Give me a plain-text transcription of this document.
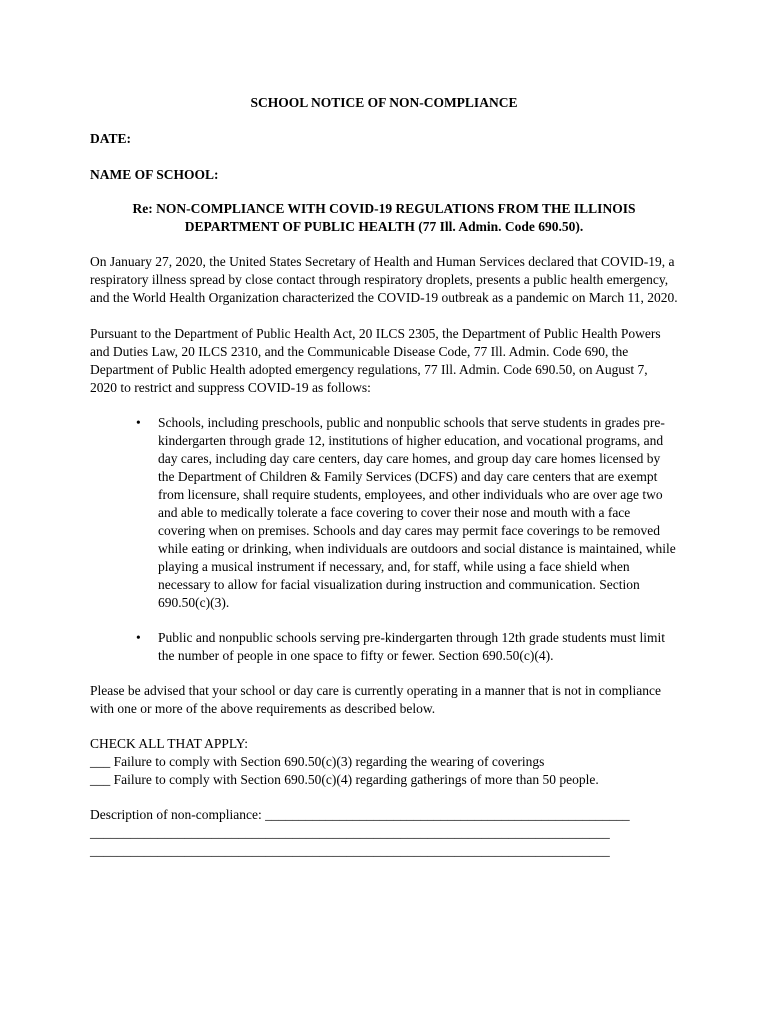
SCHOOL NOTICE OF NON-COMPLIANCE

DATE:

NAME OF SCHOOL:

Re: NON-COMPLIANCE WITH COVID-19 REGULATIONS FROM THE ILLINOIS
DEPARTMENT OF PUBLIC HEALTH (77 Ill. Admin. Code 690.50).

On January 27, 2020, the United States Secretary of Health and Human Services declared that COVID-19, a respiratory illness spread by close contact through respiratory droplets, presents a public health emergency, and the World Health Organization characterized the COVID-19 outbreak as a pandemic on March 11, 2020.

Pursuant to the Department of Public Health Act, 20 ILCS 2305, the Department of Public Health Powers and Duties Law, 20 ILCS 2310, and the Communicable Disease Code, 77 Ill. Admin. Code 690, the Department of Public Health adopted emergency regulations, 77 Ill. Admin. Code 690.50, on August 7, 2020 to restrict and suppress COVID-19 as follows:

• Schools, including preschools, public and nonpublic schools that serve students in grades pre-kindergarten through grade 12, institutions of higher education, and vocational programs, and day cares, including day care centers, day care homes, and group day care homes licensed by the Department of Children & Family Services (DCFS) and day care centers that are exempt from licensure, shall require students, employees, and other individuals who are over age two and able to medically tolerate a face covering to cover their nose and mouth with a face covering when on premises. Schools and day cares may permit face coverings to be removed while eating or drinking, when individuals are outdoors and social distance is maintained, while playing a musical instrument if necessary, and, for staff, while using a face shield when necessary to allow for facial visualization during instruction and communication. Section 690.50(c)(3).
• Public and nonpublic schools serving pre-kindergarten through 12th grade students must limit the number of people in one space to fifty or fewer. Section 690.50(c)(4).

Please be advised that your school or day care is currently operating in a manner that is not in compliance with one or more of the above requirements as described below.

CHECK ALL THAT APPLY:
___ Failure to comply with Section 690.50(c)(3) regarding the wearing of coverings
___ Failure to comply with Section 690.50(c)(4) regarding gatherings of more than 50 people.
Description of non-compliance: ______________________________________________________
_____________________________________________________________________________
_____________________________________________________________________________
